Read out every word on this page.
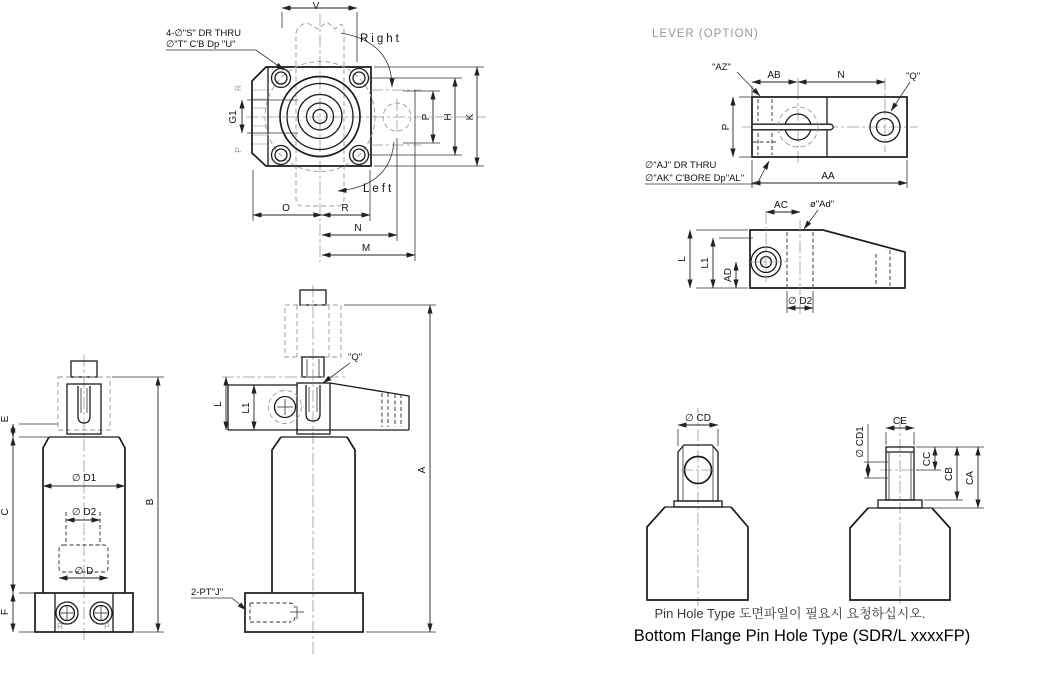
R
P
Right
Left
V
4-∅"S" DR THRU
∅"T" C'B Dp "U"
G1	P H K
O	R
N
M
LEVER (OPTION)
"AZ"
AB	N	"Q"
P
AA
∅"AJ" DR THRU
∅"AK" C'BORE Dp"AL"
AC ø"Ad"
L L1
AD
∅ D2
R	P
∅ D1
∅ D2
∅ D
E
C
F
B
"Q"
L L1
A
2-PT"J"
∅ CD	CE
∅ CD1
CC
CB CA
Pin Hole Type 도면파일이 필요시 요청하십시오.
Bottom Flange Pin Hole Type (SDR/L xxxxFP)
